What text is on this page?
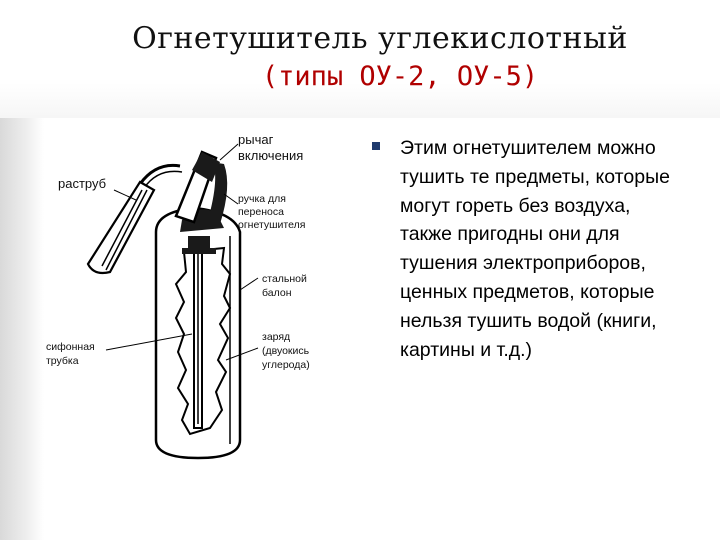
Огнетушитель углекислотный
(типы ОУ-2, ОУ-5)
рычаг включения
раструб
ручка для переноса огнетушителя
стальной балон
сифонная трубка
заряд (двуокись углерода)

Этим огнетушителем можно тушить те предметы, которые могут гореть без воздуха, также пригодны они для тушения электроприборов, ценных предметов, которые нельзя тушить водой (книги, картины и т.д.)
